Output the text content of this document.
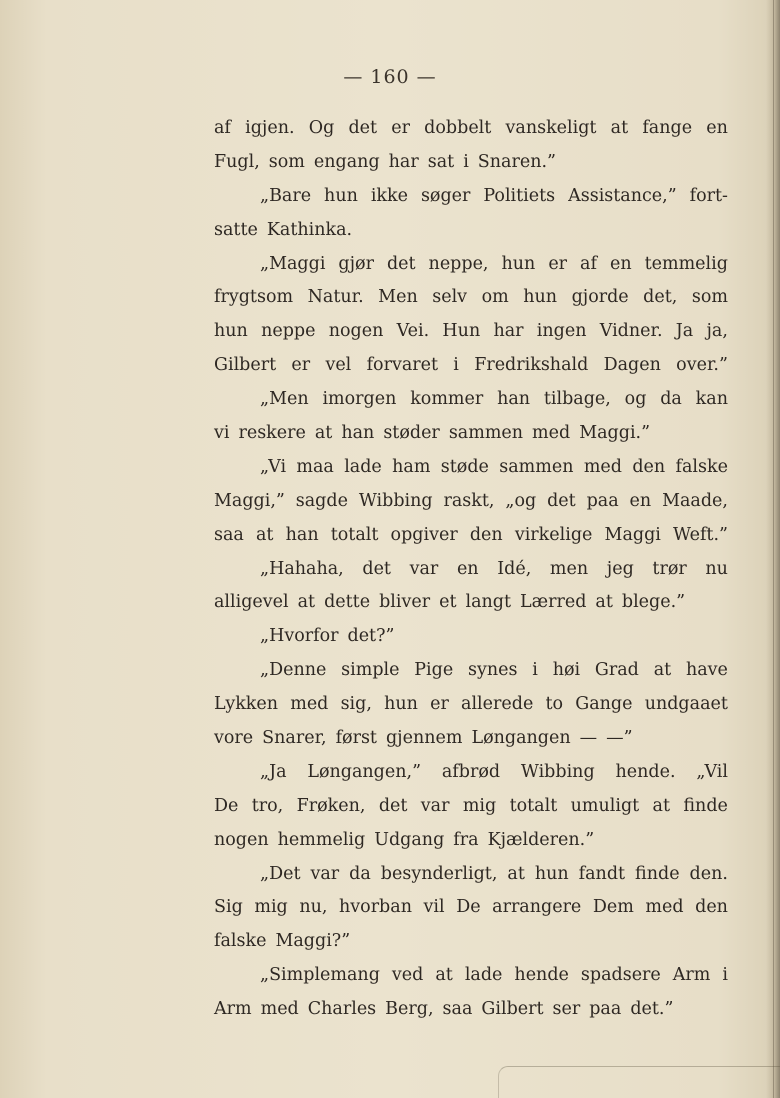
— 160 —
af igjen. Og det er dobbelt vanskeligt at fange en
Fugl, som engang har sat i Snaren.”
„Bare hun ikke søger Politiets Assistance,” fort-
satte Kathinka.
„Maggi gjør det neppe, hun er af en temmelig
frygtsom Natur. Men selv om hun gjorde det, som
hun neppe nogen Vei. Hun har ingen Vidner. Ja ja,
Gilbert er vel forvaret i Fredrikshald Dagen over.”
„Men imorgen kommer han tilbage, og da kan
vi reskere at han støder sammen med Maggi.”
„Vi maa lade ham støde sammen med den falske
Maggi,” sagde Wibbing raskt, „og det paa en Maade,
saa at han totalt opgiver den virkelige Maggi Weft.”
„Hahaha, det var en Idé, men jeg trør nu
alligevel at dette bliver et langt Lærred at blege.”
„Hvorfor det?”
„Denne simple Pige synes i høi Grad at have
Lykken med sig, hun er allerede to Gange undgaaet
vore Snarer, først gjennem Løngangen — —”
„Ja Løngangen,” afbrød Wibbing hende. „Vil
De tro, Frøken, det var mig totalt umuligt at finde
nogen hemmelig Udgang fra Kjælderen.”
„Det var da besynderligt, at hun fandt finde den.
Sig mig nu, hvorban vil De arrangere Dem med den
falske Maggi?”
„Simplemang ved at lade hende spadsere Arm i
Arm med Charles Berg, saa Gilbert ser paa det.”
